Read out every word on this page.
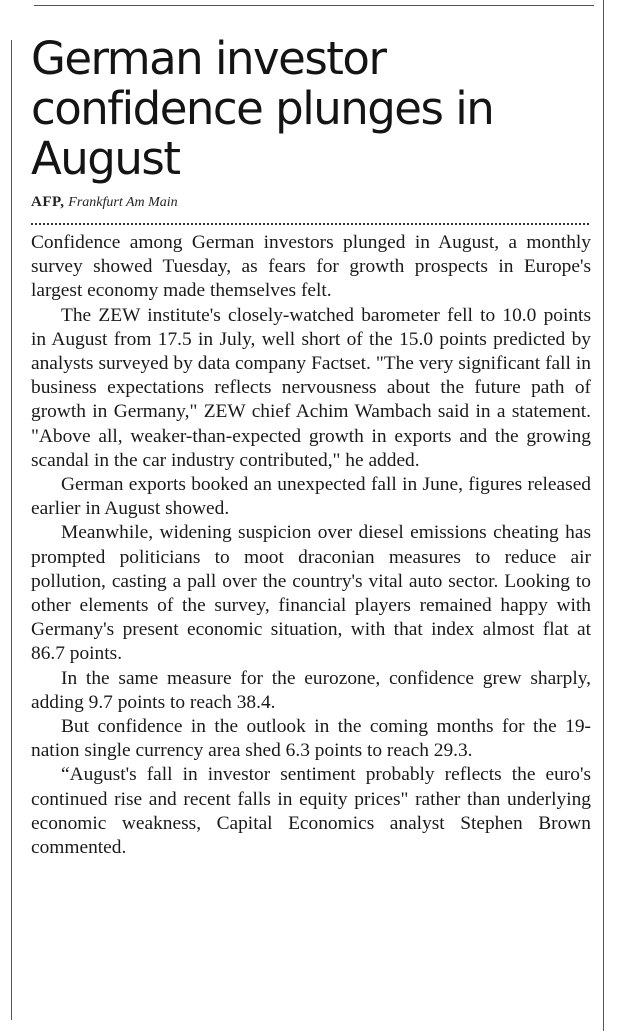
German investor confidence plunges in August
AFP, Frankfurt Am Main

Confidence among German investors plunged in August, a monthly survey showed Tuesday, as fears for growth prospects in Europe's largest economy made themselves felt.

The ZEW institute's closely-watched barometer fell to 10.0 points in August from 17.5 in July, well short of the 15.0 points predicted by analysts surveyed by data company Factset. "The very significant fall in business expectations reflects nervousness about the future path of growth in Germany," ZEW chief Achim Wambach said in a statement. "Above all, weaker-than-expected growth in exports and the growing scandal in the car industry contributed," he added.

German exports booked an unexpected fall in June, figures released earlier in August showed.

Meanwhile, widening suspicion over diesel emissions cheating has prompted politicians to moot draconian measures to reduce air pollution, casting a pall over the country's vital auto sector. Looking to other elements of the survey, financial players remained happy with Germany's present economic situation, with that index almost flat at 86.7 points.

In the same measure for the eurozone, confidence grew sharply, adding 9.7 points to reach 38.4.

But confidence in the outlook in the coming months for the 19-nation single currency area shed 6.3 points to reach 29.3.

“August's fall in investor sentiment probably reflects the euro's continued rise and recent falls in equity prices" rather than underlying economic weakness, Capital Economics analyst Stephen Brown commented.
